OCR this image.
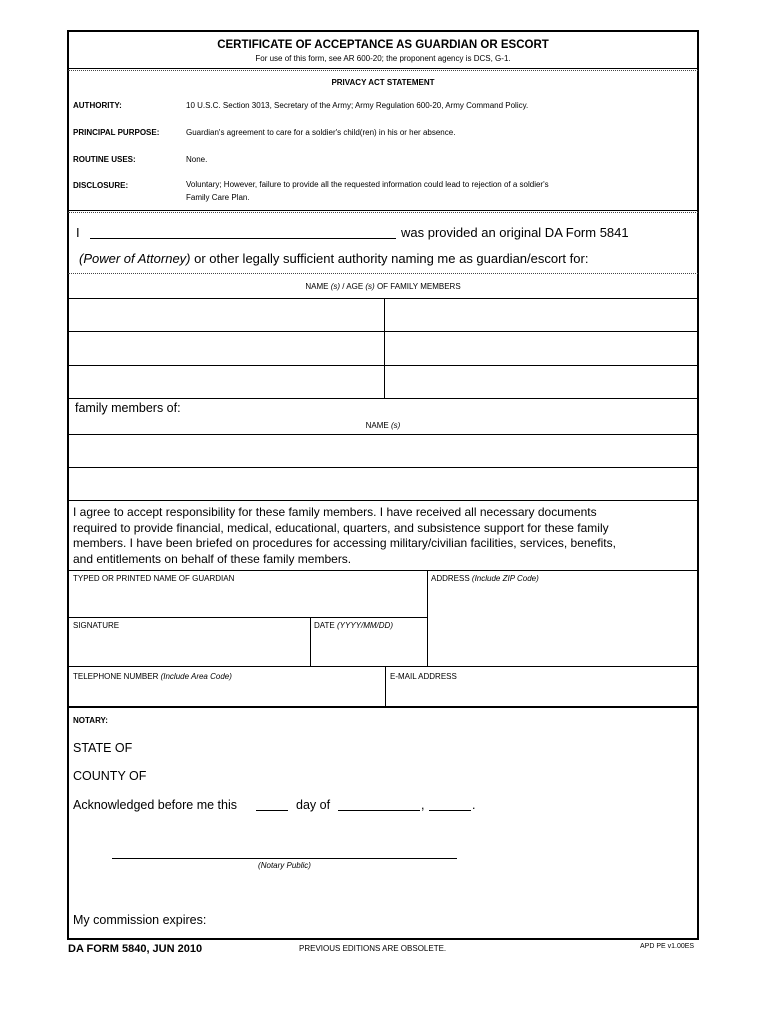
CERTIFICATE OF ACCEPTANCE AS GUARDIAN OR ESCORT
For use of this form, see AR 600-20; the proponent agency is DCS, G-1.
PRIVACY ACT STATEMENT
AUTHORITY:	10 U.S.C. Section 3013, Secretary of the Army; Army Regulation 600-20, Army Command Policy.
PRINCIPAL PURPOSE:	Guardian's agreement to care for a soldier's child(ren) in his or her absence.
ROUTINE USES:	None.
DISCLOSURE:	Voluntary; However, failure to provide all the requested information could lead to rejection of a soldier's
Family Care Plan.
I	was provided an original DA Form 5841
(Power of Attorney) or other legally sufficient authority naming me as guardian/escort for:
NAME (s) / AGE (s) OF FAMILY MEMBERS
family members of:
NAME (s)
I agree to accept responsibility for these family members. I have received all necessary documents
required to provide financial, medical, educational, quarters, and subsistence support for these family
members. I have been briefed on procedures for accessing military/civilian facilities, services, benefits,
and entitlements on behalf of these family members.
TYPED OR PRINTED NAME OF GUARDIAN	ADDRESS (Include ZIP Code)
SIGNATURE	DATE (YYYY/MM/DD)
TELEPHONE NUMBER (Include Area Code)	E-MAIL ADDRESS
NOTARY:
STATE OF
COUNTY OF
Acknowledged before me this	day of	,	.
(Notary Public)
My commission expires:
DA FORM 5840, JUN 2010	PREVIOUS EDITIONS ARE OBSOLETE.	APD PE v1.00ES
